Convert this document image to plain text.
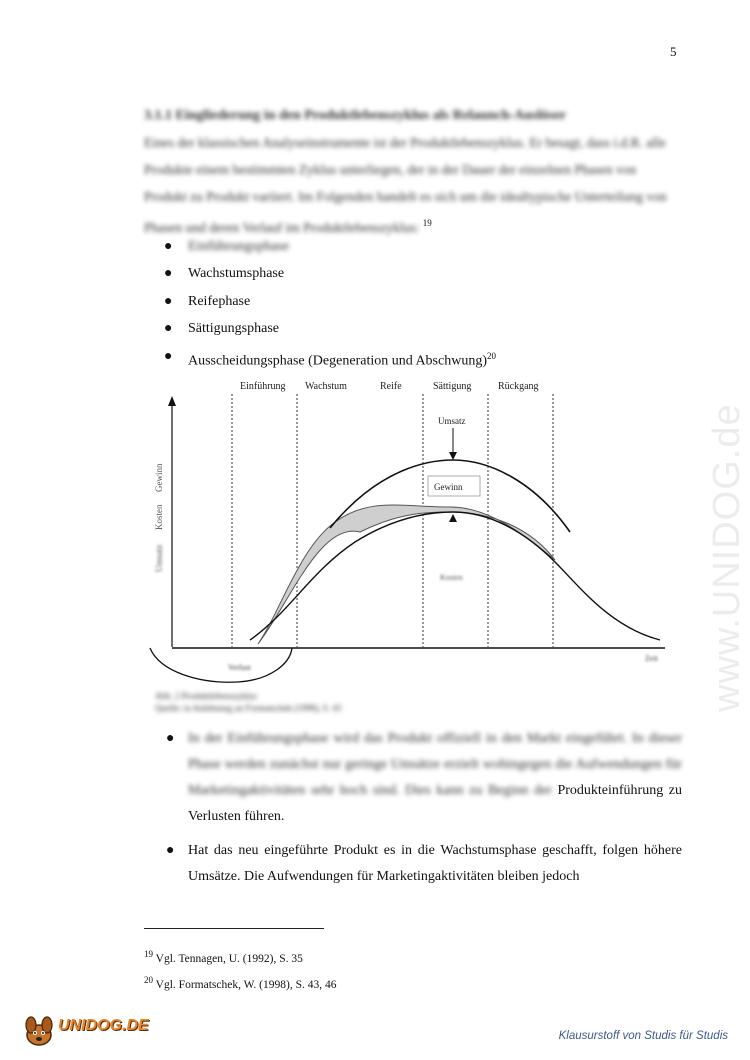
5
3.1.1 Eingliederung in den Produktlebenszyklus als Relaunch-Auslöser
Eines der klassischen Analyseinstrumente ist der Produktlebenszyklus. Er besagt, dass i.d.R. alle Produkte einem bestimmten Zyklus unterliegen, der in der Dauer der einzelnen Phasen von Produkt zu Produkt variiert. Im Folgenden handelt es sich um die idealtypische Unterteilung von Phasen und deren Verlauf im Produktlebenszyklus: $^{19}$
● Einführungsphase
● Wachstumsphase
● Reifephase
● Sättigungsphase
● Ausscheidungsphase (Degeneration und Abschwung)$^{20}$
Einführung Wachstum	Reife	Sättigung	Rückgang
Umsatz
Kosten
Gewinn
Verlust
Zeit
Umsatz
Gewinn
Kosten
Abb. 2 Produktlebenszyklus
Quelle: in Anlehnung an Formatschek (1998), S. 43
● In der Einführungsphase wird das Produkt offiziell in den Markt eingeführt. In dieser Phase werden zunächst nur geringe Umsätze erzielt wohingegen die Aufwendungen für Marketingaktivitäten sehr hoch sind. Dies kann zu Beginn der Produkteinführung zu Verlusten führen.
● Hat das neu eingeführte Produkt es in die Wachstumsphase geschafft, folgen höhere Umsätze. Die Aufwendungen für Marketingaktivitäten bleiben jedoch
$^{19}$ Vgl. Tennagen, U. (1992), S. 35
$^{20}$ Vgl. Formatschek, W. (1998), S. 43, 46
www.UNIDOG.de
UNIDOG.DE
Klausurstoff von Studis für Studis
